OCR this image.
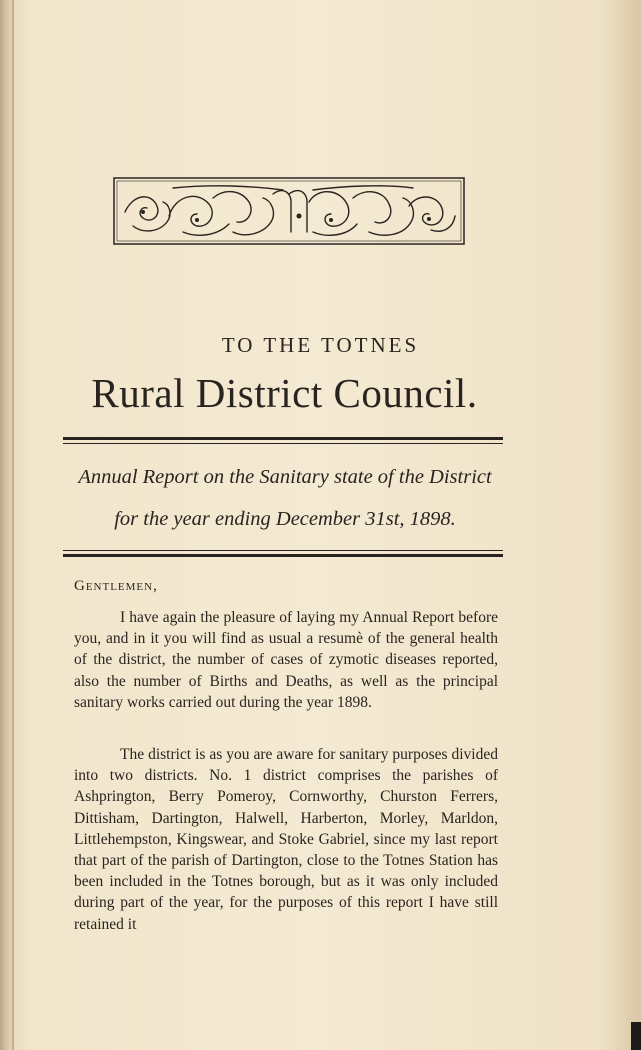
TO THE TOTNES
Rural District Council.
Annual Report on the Sanitary state of the District
for the year ending December 31st, 1898.
Gentlemen,

I have again the pleasure of laying my Annual Report before you, and in it you will find as usual a resumè of the general health of the district, the number of cases of zymotic diseases reported, also the number of Births and Deaths, as well as the principal sanitary works carried out during the year 1898.

The district is as you are aware for sanitary purposes divided into two districts. No. 1 district comprises the parishes of Ashprington, Berry Pomeroy, Cornworthy, Churston Ferrers, Dittisham, Dartington, Halwell, Harberton, Morley, Marldon, Littlehempston, Kingswear, and Stoke Gabriel, since my last report that part of the parish of Dartington, close to the Totnes Station has been included in the Totnes borough, but as it was only included during part of the year, for the purposes of this report I have still retained it
